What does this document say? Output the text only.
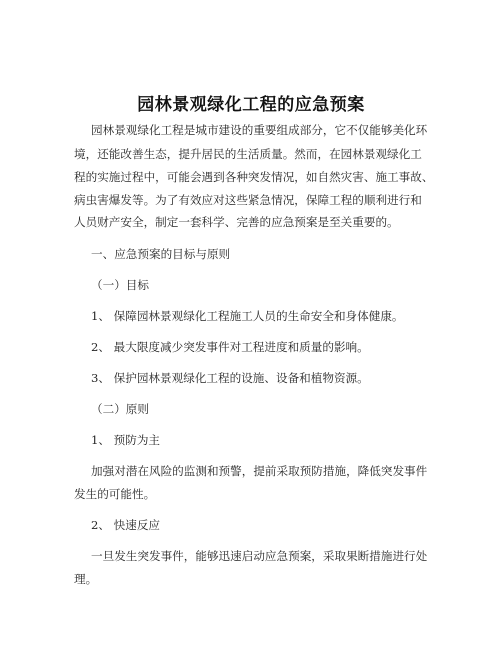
园林景观绿化工程的应急预案
园林景观绿化工程是城市建设的重要组成部分，它不仅能够美化环
境，还能改善生态，提升居民的生活质量。然而，在园林景观绿化工
程的实施过程中，可能会遇到各种突发情况，如自然灾害、施工事故、
病虫害爆发等。为了有效应对这些紧急情况，保障工程的顺利进行和
人员财产安全，制定一套科学、完善的应急预案是至关重要的。
一、应急预案的目标与原则
（一）目标
1、 保障园林景观绿化工程施工人员的生命安全和身体健康。
2、 最大限度减少突发事件对工程进度和质量的影响。
3、 保护园林景观绿化工程的设施、设备和植物资源。
（二）原则
1、 预防为主
加强对潜在风险的监测和预警，提前采取预防措施，降低突发事件
发生的可能性。
2、 快速反应
一旦发生突发事件，能够迅速启动应急预案，采取果断措施进行处
理。
